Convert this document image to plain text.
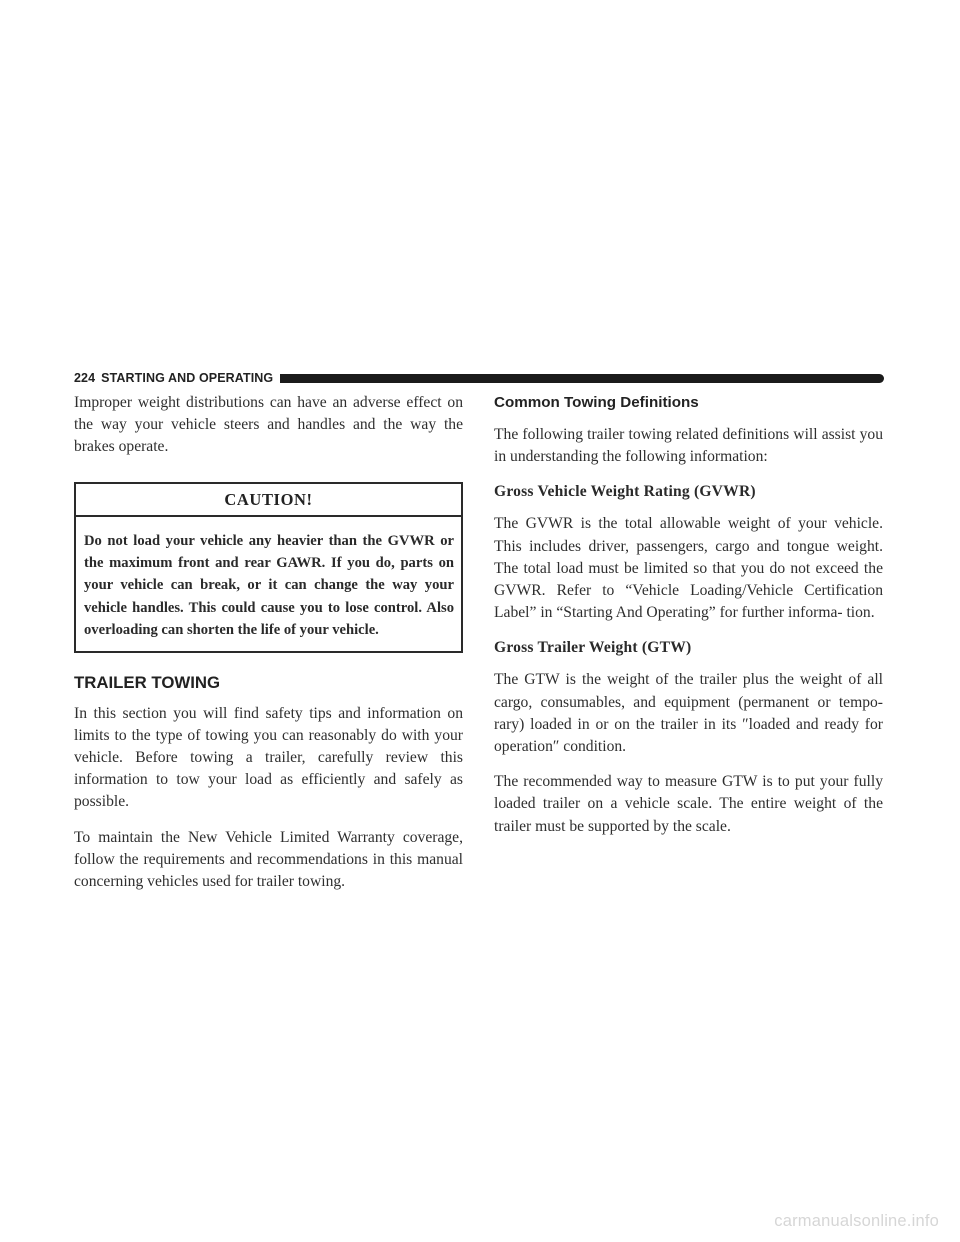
224 STARTING AND OPERATING

Improper weight distributions can have an adverse effect on the way your vehicle steers and handles and the way the brakes operate.

CAUTION!
Do not load your vehicle any heavier than the GVWR or the maximum front and rear GAWR. If you do, parts on your vehicle can break, or it can change the way your vehicle handles. This could cause you to lose control. Also overloading can shorten the life of your vehicle.
TRAILER TOWING

In this section you will find safety tips and information on limits to the type of towing you can reasonably do with your vehicle. Before towing a trailer, carefully review this information to tow your load as efficiently and safely as possible.

To maintain the New Vehicle Limited Warranty coverage, follow the requirements and recommendations in this manual concerning vehicles used for trailer towing.

Common Towing Definitions

The following trailer towing related definitions will assist you in understanding the following information:

Gross Vehicle Weight Rating (GVWR)

The GVWR is the total allowable weight of your vehicle. This includes driver, passengers, cargo and tongue weight. The total load must be limited so that you do not exceed the GVWR. Refer to “Vehicle Loading/Vehicle Certification Label” in “Starting And Operating” for further informa- tion.

Gross Trailer Weight (GTW)

The GTW is the weight of the trailer plus the weight of all cargo, consumables, and equipment (permanent or tempo- rary) loaded in or on the trailer in its ″loaded and ready for operation″ condition.

The recommended way to measure GTW is to put your fully loaded trailer on a vehicle scale. The entire weight of the trailer must be supported by the scale.

carmanualsonline.info
